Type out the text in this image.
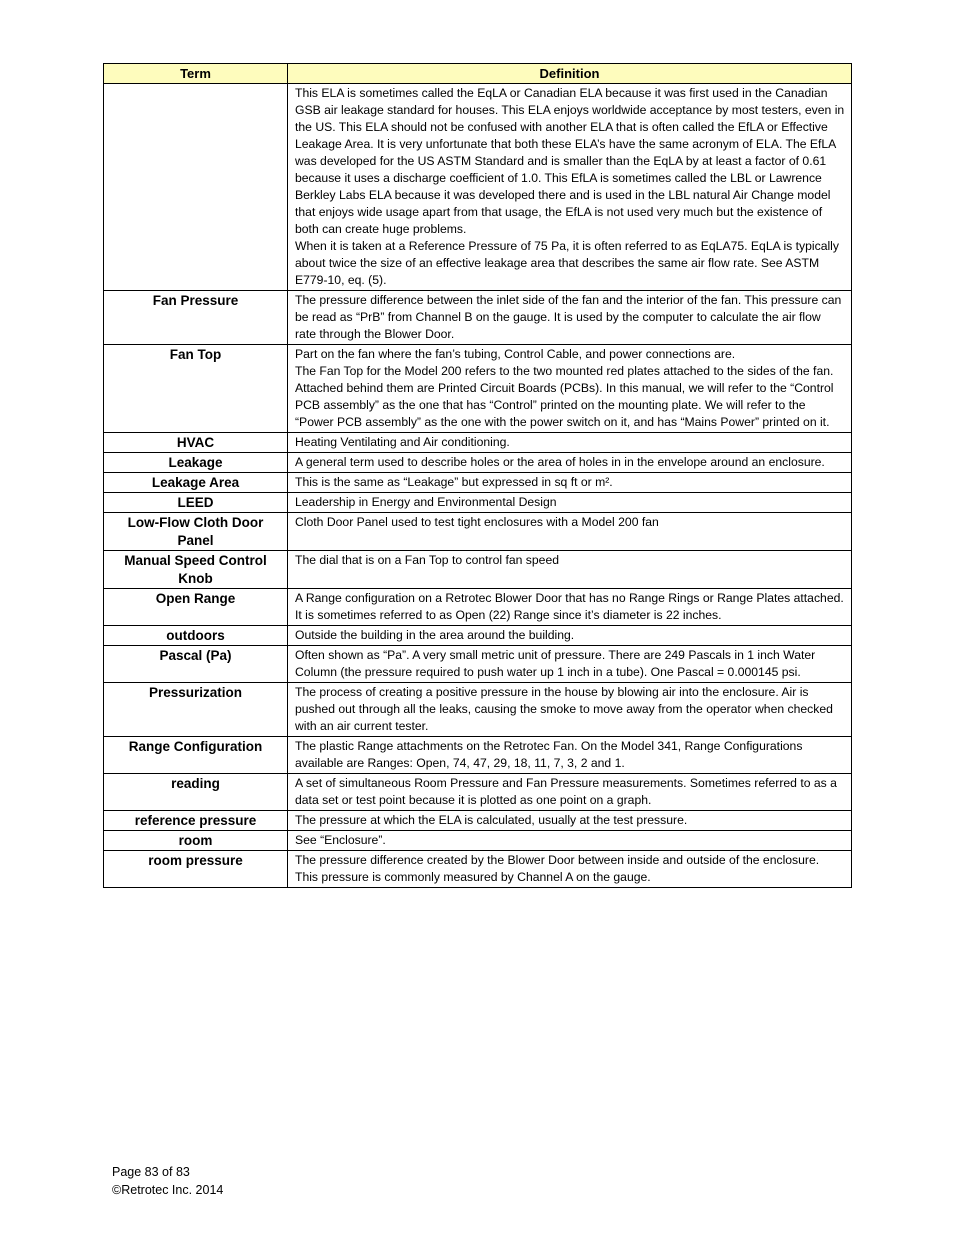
Term	Definition

	This ELA is sometimes called the EqLA or Canadian ELA because it was first used in the Canadian GSB air leakage standard for houses. This ELA enjoys worldwide acceptance by most testers, even in the US. This ELA should not be confused with another ELA that is often called the EfLA or Effective Leakage Area. It is very unfortunate that both these ELA’s have the same acronym of ELA. The EfLA was developed for the US ASTM Standard and is smaller than the EqLA by at least a factor of 0.61 because it uses a discharge coefficient of 1.0. This EfLA is sometimes called the LBL or Lawrence Berkley Labs ELA because it was developed there and is used in the LBL natural Air Change model that enjoys wide usage apart from that usage, the EfLA is not used very much but the existence of both can create huge problems.
When it is taken at a Reference Pressure of 75 Pa, it is often referred to as EqLA75. EqLA is typically about twice the size of an effective leakage area that describes the same air flow rate. See ASTM E779-10, eq. (5).

Fan Pressure	The pressure difference between the inlet side of the fan and the interior of the fan. This pressure can be read as “PrB” from Channel B on the gauge. It is used by the computer to calculate the air flow rate through the Blower Door.

Fan Top	Part on the fan where the fan’s tubing, Control Cable, and power connections are.
The Fan Top for the Model 200 refers to the two mounted red plates attached to the sides of the fan. Attached behind them are Printed Circuit Boards (PCBs). In this manual, we will refer to the “Control PCB assembly” as the one that has “Control” printed on the mounting plate. We will refer to the “Power PCB assembly” as the one with the power switch on it, and has “Mains Power” printed on it.

HVAC	Heating Ventilating and Air conditioning.

Leakage	A general term used to describe holes or the area of holes in in the envelope around an enclosure.

Leakage Area	This is the same as “Leakage” but expressed in sq ft or m².

LEED	Leadership in Energy and Environmental Design

Low-Flow Cloth Door Panel	Cloth Door Panel used to test tight enclosures with a Model 200 fan

Manual Speed Control Knob	The dial that is on a Fan Top to control fan speed

Open Range	A Range configuration on a Retrotec Blower Door that has no Range Rings or Range Plates attached. It is sometimes referred to as Open (22) Range since it’s diameter is 22 inches.

outdoors	Outside the building in the area around the building.

Pascal (Pa)	Often shown as “Pa”. A very small metric unit of pressure. There are 249 Pascals in 1 inch Water Column (the pressure required to push water up 1 inch in a tube). One Pascal = 0.000145 psi.

Pressurization	The process of creating a positive pressure in the house by blowing air into the enclosure. Air is pushed out through all the leaks, causing the smoke to move away from the operator when checked with an air current tester.

Range Configuration	The plastic Range attachments on the Retrotec Fan. On the Model 341, Range Configurations available are Ranges: Open, 74, 47, 29, 18, 11, 7, 3, 2 and 1.

reading	A set of simultaneous Room Pressure and Fan Pressure measurements. Sometimes referred to as a data set or test point because it is plotted as one point on a graph.

reference pressure	The pressure at which the ELA is calculated, usually at the test pressure.

room	See “Enclosure”.

room pressure	The pressure difference created by the Blower Door between inside and outside of the enclosure. This pressure is commonly measured by Channel A on the gauge.
Page 83 of 83
©Retrotec Inc. 2014
